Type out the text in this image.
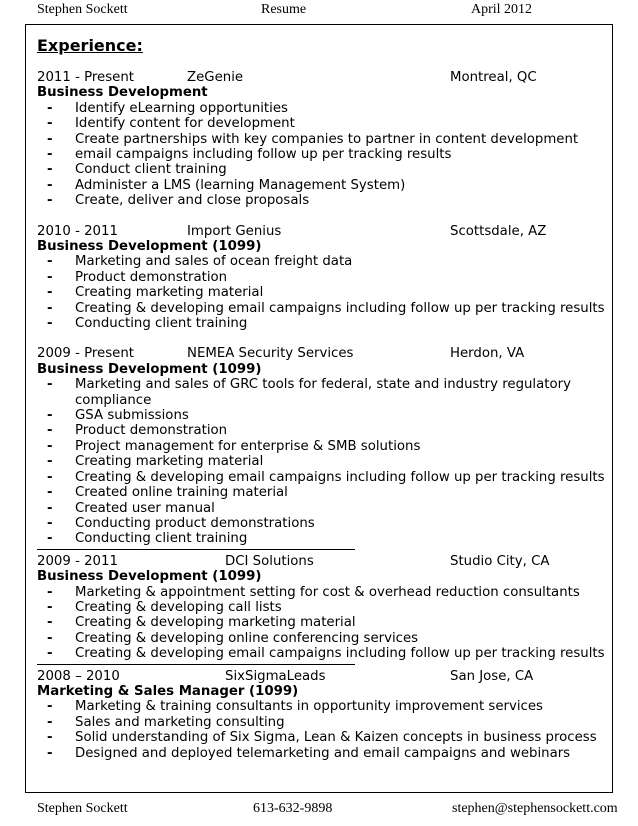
Stephen Sockett	Resume	April 2012
Experience:
2011 - Present	ZeGenie	Montreal, QC
Business Development
- Identify eLearning opportunities
- Identify content for development
- Create partnerships with key companies to partner in content development
- email campaigns including follow up per tracking results
- Conduct client training
- Administer a LMS (learning Management System)
- Create, deliver and close proposals
2010 - 2011	Import Genius	Scottsdale, AZ
Business Development (1099)
- Marketing and sales of ocean freight data
- Product demonstration
- Creating marketing material
- Creating & developing email campaigns including follow up per tracking results
- Conducting client training
2009 - Present	NEMEA Security Services	Herdon, VA
Business Development (1099)
- Marketing and sales of GRC tools for federal, state and industry regulatory
compliance
- GSA submissions
- Product demonstration
- Project management for enterprise & SMB solutions
- Creating marketing material
- Creating & developing email campaigns including follow up per tracking results
- Created online training material
- Created user manual
- Conducting product demonstrations
- Conducting client training
2009 - 2011	DCI Solutions	Studio City, CA
Business Development (1099)
- Marketing & appointment setting for cost & overhead reduction consultants
- Creating & developing call lists
- Creating & developing marketing material
- Creating & developing online conferencing services
- Creating & developing email campaigns including follow up per tracking results
2008 – 2010	SixSigmaLeads	San Jose, CA
Marketing & Sales Manager (1099)
- Marketing & training consultants in opportunity improvement services
- Sales and marketing consulting
- Solid understanding of Six Sigma, Lean & Kaizen concepts in business process
- Designed and deployed telemarketing and email campaigns and webinars
Stephen Sockett	613-632-9898	stephen@stephensockett.com
